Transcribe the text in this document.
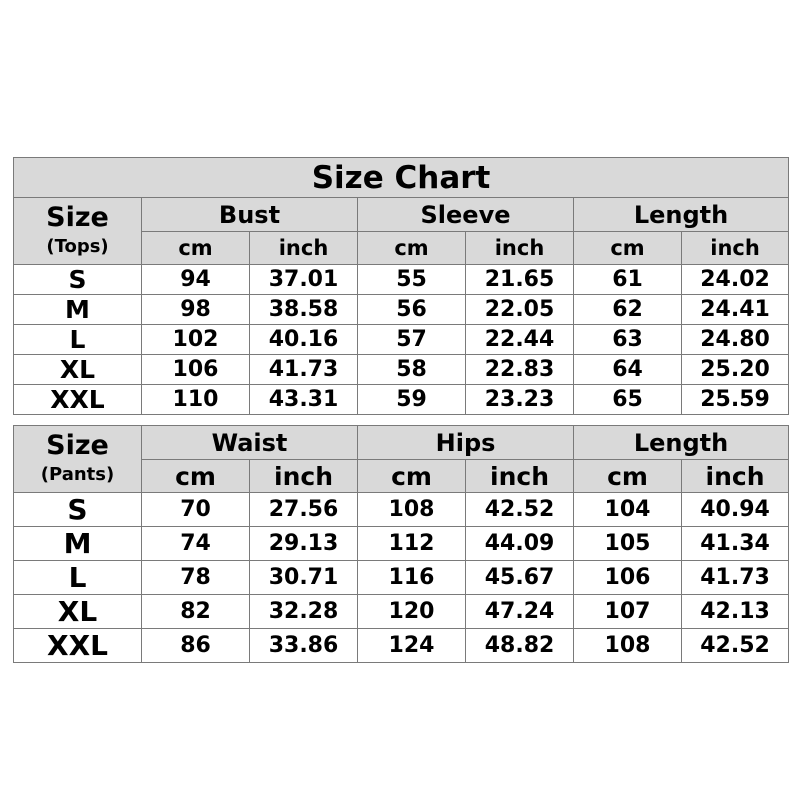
Size Chart						

Size
(Tops)	Bust		Sleeve		Length	
	cm	inch	cm	inch	cm	inch
S	94	37.01	55	21.65	61	24.02
M	98	38.58	56	22.05	62	24.41
L	102	40.16	57	22.44	63	24.80
XL	106	41.73	58	22.83	64	25.20
XXL	110	43.31	59	23.23	65	25.59
Size
(Pants)	Waist		Hips		Length	
	cm	inch	cm	inch	cm	inch
S	70	27.56	108	42.52	104	40.94
M	74	29.13	112	44.09	105	41.34
L	78	30.71	116	45.67	106	41.73
XL	82	32.28	120	47.24	107	42.13
XXL	86	33.86	124	48.82	108	42.52
